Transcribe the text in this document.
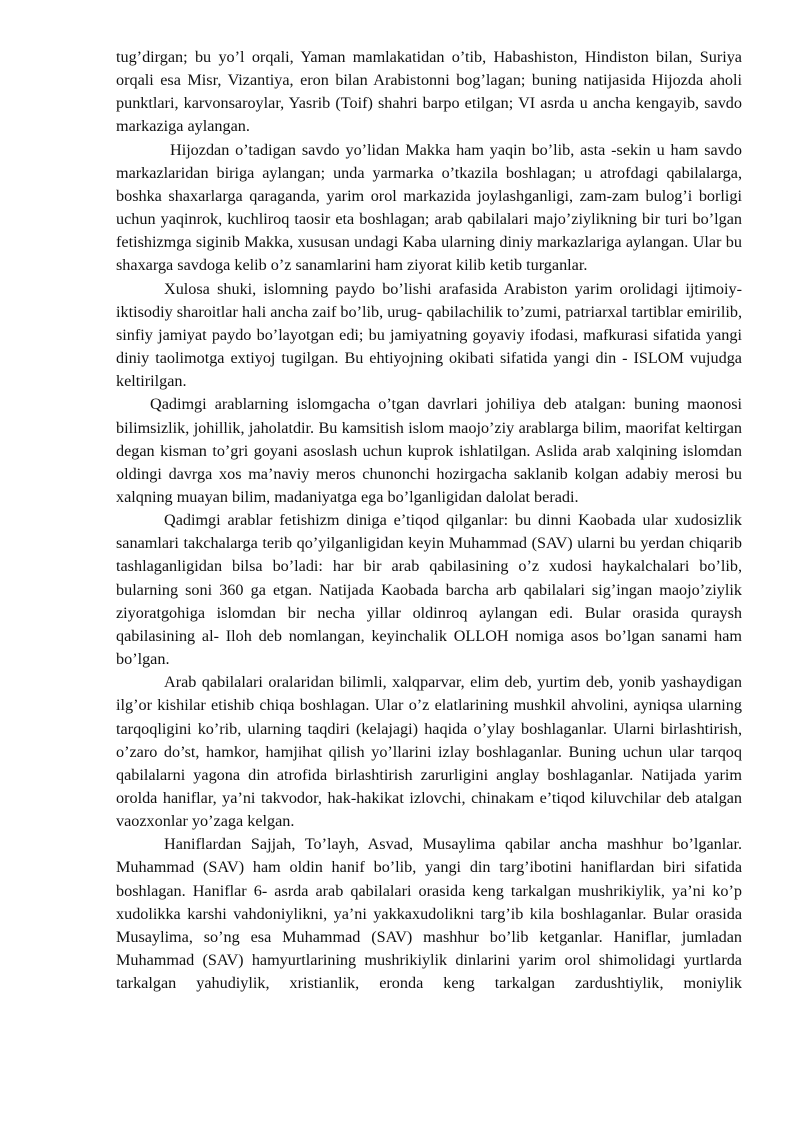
tug’dirgan; bu yo’l orqali, Yaman mamlakatidan o’tib, Habashiston, Hindiston bilan, Suriya orqali esa Misr, Vizantiya, eron bilan Arabistonni bog’lagan; buning natijasida Hijozda aholi punktlari, karvonsaroylar, Yasrib (Toif) shahri barpo etilgan; VI asrda u ancha kengayib, savdo markaziga aylangan.

Hijozdan o’tadigan savdo yo’lidan Makka ham yaqin bo’lib, asta -sekin u ham savdo markazlaridan biriga aylangan; unda yarmarka o’tkazila boshlagan; u atrofdagi qabilalarga, boshka shaxarlarga qaraganda, yarim orol markazida joylashganligi, zam-zam bulog’i borligi uchun yaqinrok, kuchliroq taosir eta boshlagan; arab qabilalari majo’ziylikning bir turi bo’lgan fetishizmga siginib Makka, xususan undagi Kaba ularning diniy markazlariga aylangan. Ular bu shaxarga savdoga kelib o’z sanamlarini ham ziyorat kilib ketib turganlar.

Xulosa shuki, islomning paydo bo’lishi arafasida Arabiston yarim orolidagi ijtimoiy- iktisodiy sharoitlar hali ancha zaif bo’lib, urug- qabilachilik to’zumi, patriarxal tartiblar emirilib, sinfiy jamiyat paydo bo’layotgan edi; bu jamiyatning goyaviy ifodasi, mafkurasi sifatida yangi diniy taolimotga extiyoj tugilgan. Bu ehtiyojning okibati sifatida yangi din - ISLOM vujudga keltirilgan.

Qadimgi arablarning islomgacha o’tgan davrlari johiliya deb atalgan: buning maonosi bilimsizlik, johillik, jaholatdir. Bu kamsitish islom maojo’ziy arablarga bilim, maorifat keltirgan degan kisman to’gri goyani asoslash uchun kuprok ishlatilgan. Aslida arab xalqining islomdan oldingi davrga xos ma’naviy meros chunonchi hozirgacha saklanib kolgan adabiy merosi bu xalqning muayan bilim, madaniyatga ega bo’lganligidan dalolat beradi.

Qadimgi arablar fetishizm diniga e’tiqod qilganlar: bu dinni Kaobada ular xudosizlik sanamlari takchalarga terib qo’yilganligidan keyin Muhammad (SAV) ularni bu yerdan chiqarib tashlaganligidan bilsa bo’ladi: har bir arab qabilasining o’z xudosi haykalchalari bo’lib, bularning soni 360 ga etgan. Natijada Kaobada barcha arb qabilalari sig’ingan maojo’ziylik ziyoratgohiga islomdan bir necha yillar oldinroq aylangan edi. Bular orasida quraysh qabilasining al- Iloh deb nomlangan, keyinchalik OLLOH nomiga asos bo’lgan sanami ham bo’lgan.

Arab qabilalari oralaridan bilimli, xalqparvar, elim deb, yurtim deb, yonib yashaydigan ilg’or kishilar etishib chiqa boshlagan. Ular o’z elatlarining mushkil ahvolini, ayniqsa ularning tarqoqligini ko’rib, ularning taqdiri (kelajagi) haqida o’ylay boshlaganlar. Ularni birlashtirish, o’zaro do’st, hamkor, hamjihat qilish yo’llarini izlay boshlaganlar. Buning uchun ular tarqoq qabilalarni yagona din atrofida birlashtirish zarurligini anglay boshlaganlar. Natijada yarim orolda haniflar, ya’ni takvodor, hak-hakikat izlovchi, chinakam e’tiqod kiluvchilar deb atalgan vaozxonlar yo’zaga kelgan.

Haniflardan Sajjah, To’layh, Asvad, Musaylima qabilar ancha mashhur bo’lganlar. Muhammad (SAV) ham oldin hanif bo’lib, yangi din targ’ibotini haniflardan biri sifatida boshlagan. Haniflar 6- asrda arab qabilalari orasida keng tarkalgan mushrikiylik, ya’ni ko’p xudolikka karshi vahdoniylikni, ya’ni yakkaxudolikni targ’ib kila boshlaganlar. Bular orasida Musaylima, so’ng esa Muhammad (SAV) mashhur bo’lib ketganlar. Haniflar, jumladan Muhammad (SAV) hamyurtlarining mushrikiylik dinlarini yarim orol shimolidagi yurtlarda tarkalgan yahudiylik, xristianlik, eronda keng tarkalgan zardushtiylik, moniylik
